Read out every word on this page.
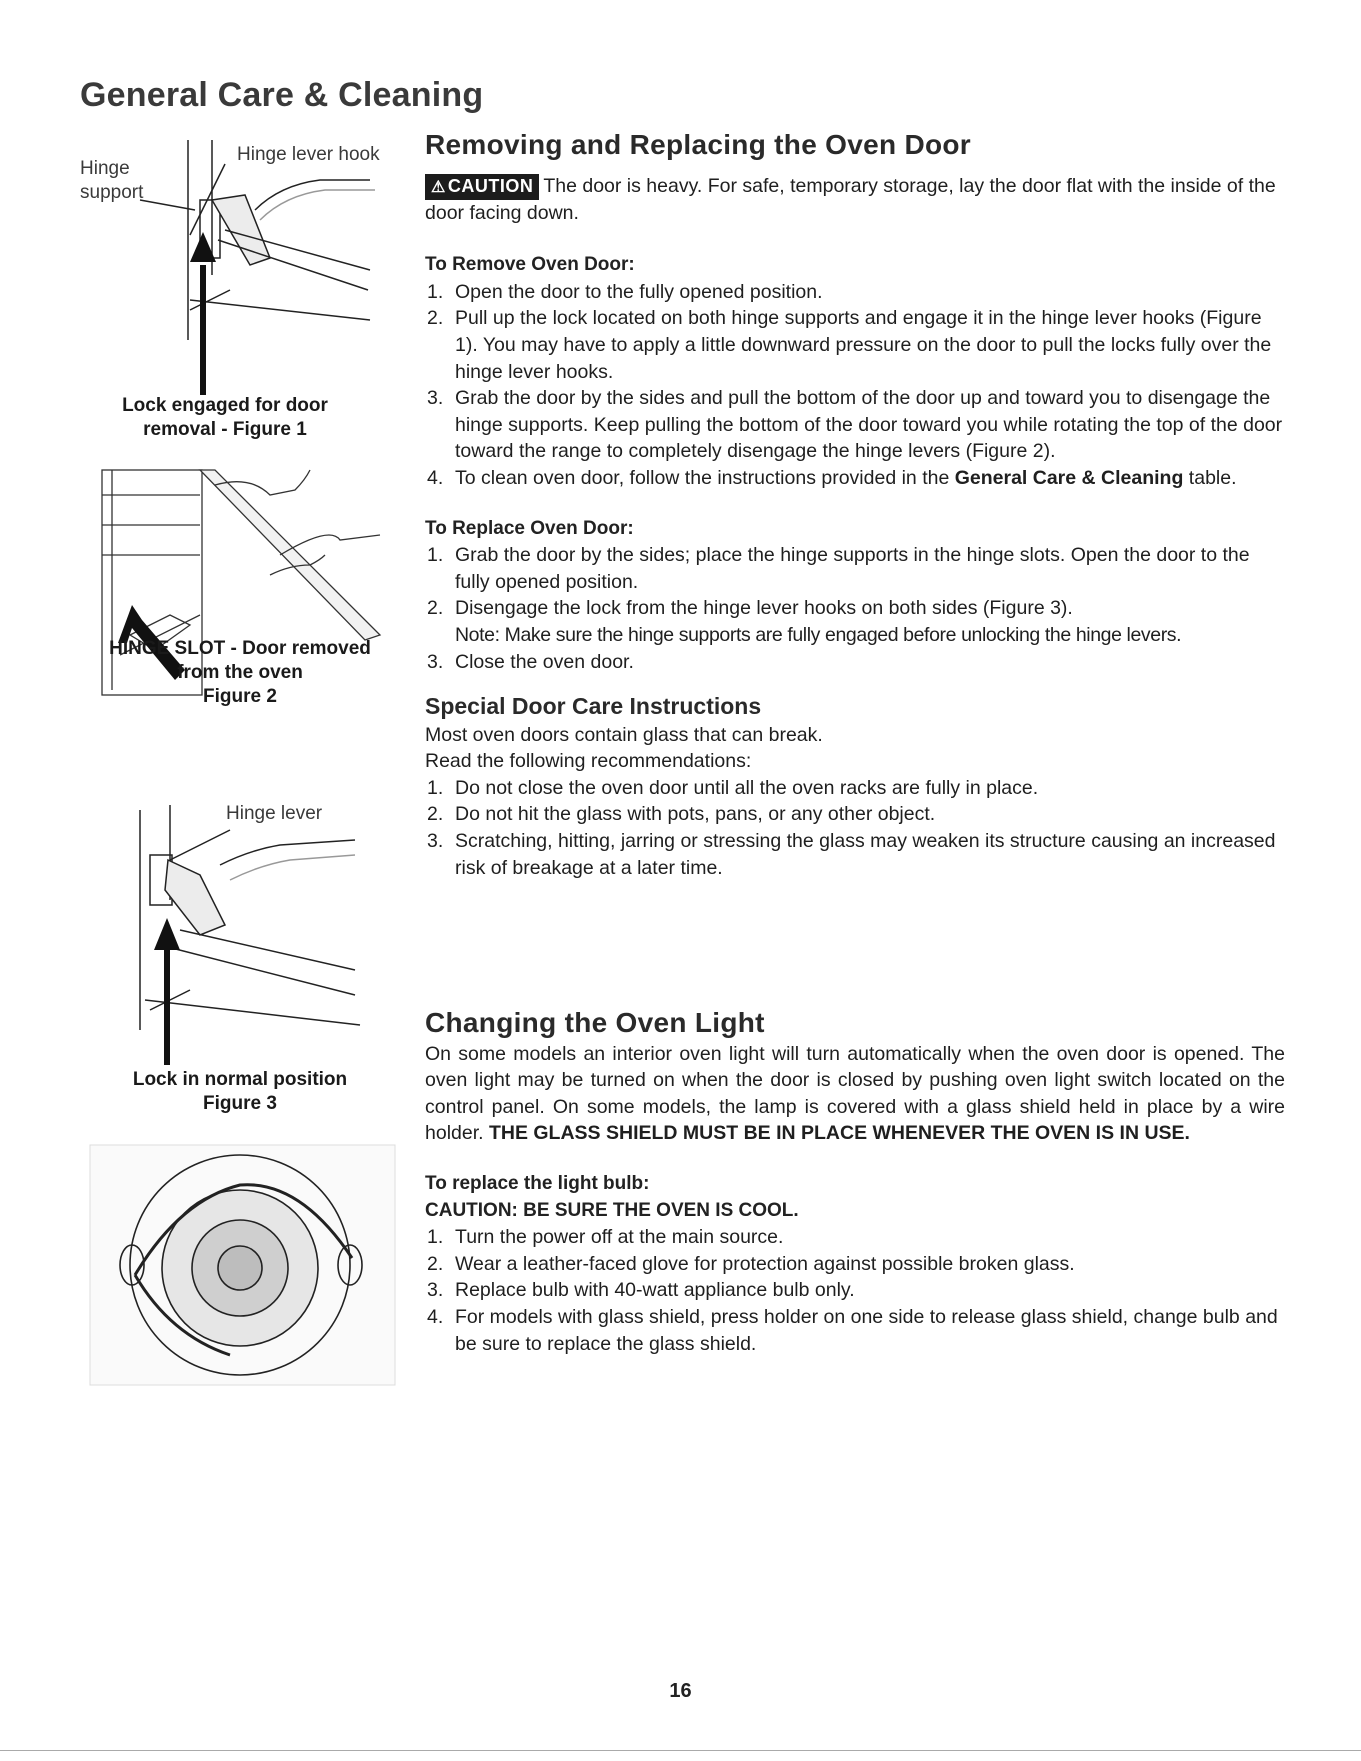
General Care & Cleaning
Hinge
support
Hinge lever hook
Lock engaged for door
removal - Figure 1
HINGE SLOT - Door removed
from the oven
Figure 2
Hinge lever
Lock in normal position
Figure 3
Removing and Replacing the Oven Door

⚠ CAUTION The door is heavy. For safe, temporary storage, lay the door flat with the inside of the door facing down.

To Remove Oven Door:
1. Open the door to the fully opened position.
2. Pull up the lock located on both hinge supports and engage it in the hinge lever hooks (Figure 1). You may have to apply a little downward pressure on the door to pull the locks fully over the hinge lever hooks.
3. Grab the door by the sides and pull the bottom of the door up and toward you to disengage the hinge supports. Keep pulling the bottom of the door toward you while rotating the top of the door toward the range to completely disengage the hinge levers (Figure 2).
4. To clean oven door, follow the instructions provided in the General Care & Cleaning table.
To Replace Oven Door:
1. Grab the door by the sides; place the hinge supports in the hinge slots. Open the door to the fully opened position.
2. Disengage the lock from the hinge lever hooks on both sides (Figure 3).
Note: Make sure the hinge supports are fully engaged before unlocking the hinge levers.
3. Close the oven door.
Special Door Care Instructions

Most oven doors contain glass that can break.

Read the following recommendations:

1. Do not close the oven door until all the oven racks are fully in place.
2. Do not hit the glass with pots, pans, or any other object.
3. Scratching, hitting, jarring or stressing the glass may weaken its structure causing an increased risk of breakage at a later time.
Changing the Oven Light

On some models an interior oven light will turn automatically when the oven door is opened. The oven light may be turned on when the door is closed by pushing oven light switch located on the control panel. On some models, the lamp is covered with a glass shield held in place by a wire holder. THE GLASS SHIELD MUST BE IN PLACE WHENEVER THE OVEN IS IN USE.

To replace the light bulb:
CAUTION: BE SURE THE OVEN IS COOL.
1. Turn the power off at the main source.
2. Wear a leather-faced glove for protection against possible broken glass.
3. Replace bulb with 40-watt appliance bulb only.
4. For models with glass shield, press holder on one side to release glass shield, change bulb and be sure to replace the glass shield.
16
